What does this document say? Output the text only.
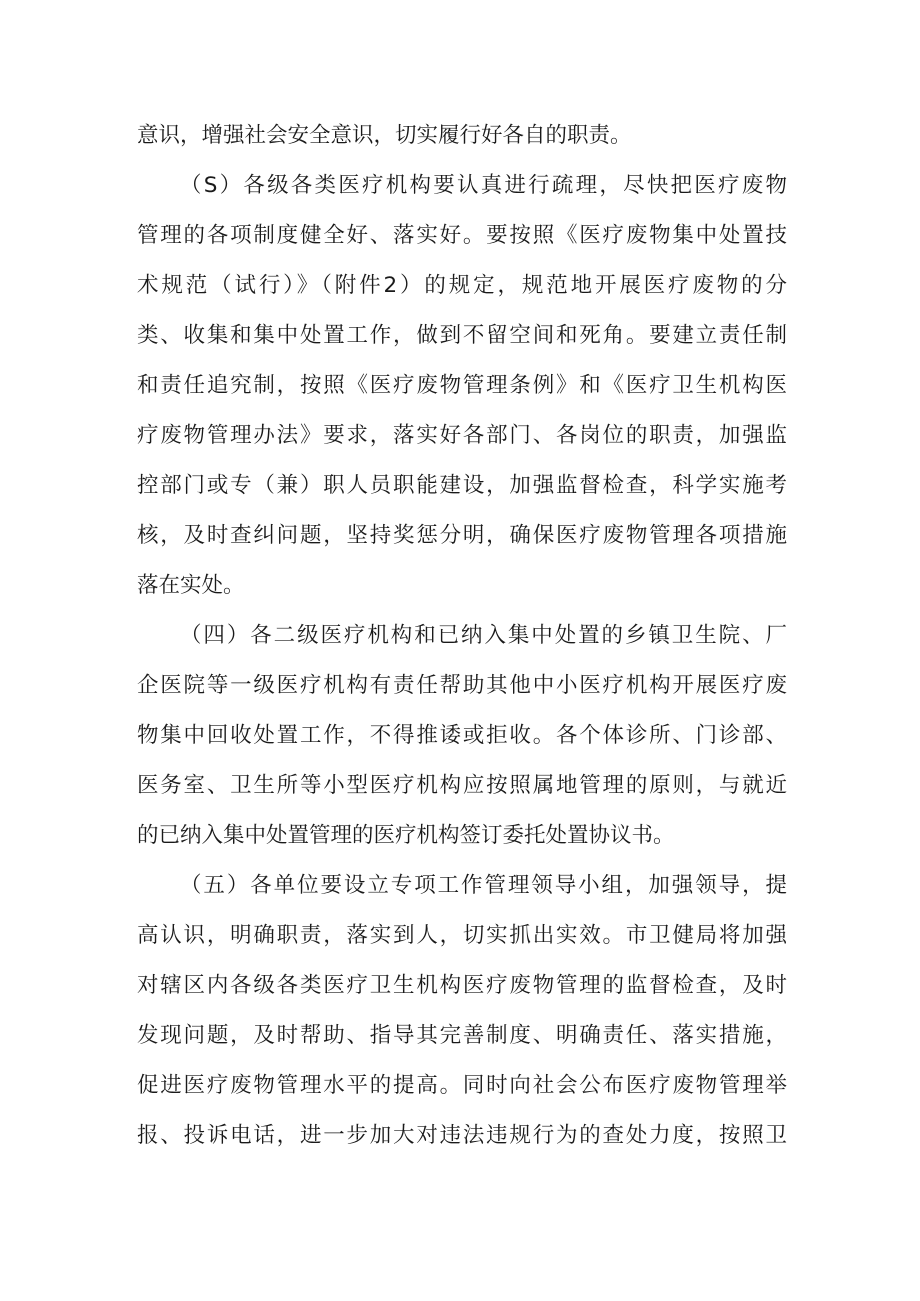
意识，增强社会安全意识，切实履行好各自的职责。
（S）各级各类医疗机构要认真进行疏理，尽快把医疗废物
管理的各项制度健全好、落实好。要按照《医疗废物集中处置技
术规范（试行）》（附件2）的规定，规范地开展医疗废物的分
类、收集和集中处置工作，做到不留空间和死角。要建立责任制
和责任追究制，按照《医疗废物管理条例》和《医疗卫生机构医
疗废物管理办法》要求，落实好各部门、各岗位的职责，加强监
控部门或专（兼）职人员职能建设，加强监督检查，科学实施考
核，及时查纠问题，坚持奖惩分明，确保医疗废物管理各项措施
落在实处。
（四）各二级医疗机构和已纳入集中处置的乡镇卫生院、厂
企医院等一级医疗机构有责任帮助其他中小医疗机构开展医疗废
物集中回收处置工作，不得推诿或拒收。各个体诊所、门诊部、
医务室、卫生所等小型医疗机构应按照属地管理的原则，与就近
的已纳入集中处置管理的医疗机构签订委托处置协议书。
（五）各单位要设立专项工作管理领导小组，加强领导，提
高认识，明确职责，落实到人，切实抓出实效。市卫健局将加强
对辖区内各级各类医疗卫生机构医疗废物管理的监督检查，及时
发现问题，及时帮助、指导其完善制度、明确责任、落实措施，
促进医疗废物管理水平的提高。同时向社会公布医疗废物管理举
报、投诉电话，进一步加大对违法违规行为的查处力度，按照卫
